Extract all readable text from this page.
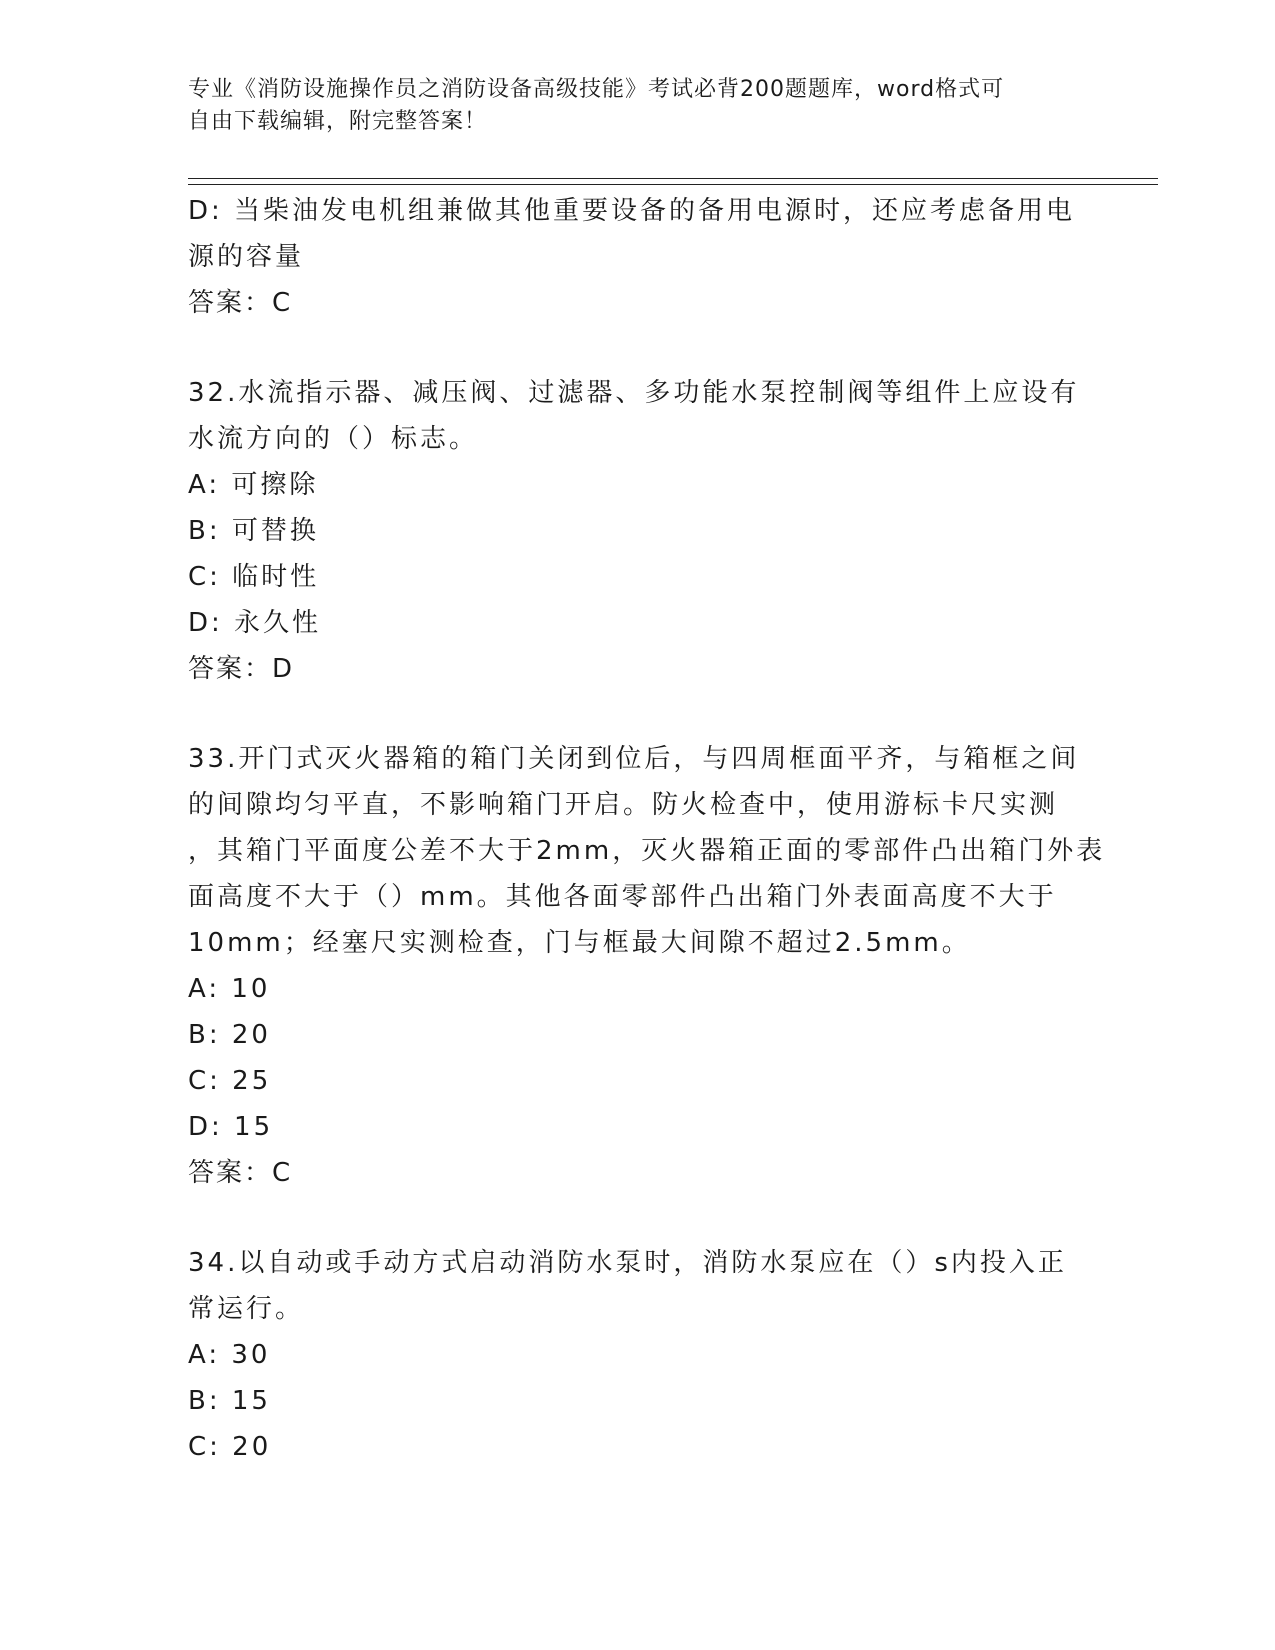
专业《消防设施操作员之消防设备高级技能》考试必背200题题库，word格式可
自由下载编辑，附完整答案！
D: 当柴油发电机组兼做其他重要设备的备用电源时，还应考虑备用电
源的容量
答案：C
32.水流指示器、减压阀、过滤器、多功能水泵控制阀等组件上应设有
水流方向的（）标志。
A: 可擦除
B: 可替换
C: 临时性
D: 永久性
答案：D
33.开门式灭火器箱的箱门关闭到位后，与四周框面平齐，与箱框之间
的间隙均匀平直，不影响箱门开启。防火检查中，使用游标卡尺实测
，其箱门平面度公差不大于2mm，灭火器箱正面的零部件凸出箱门外表
面高度不大于（）mm。其他各面零部件凸出箱门外表面高度不大于
10mm；经塞尺实测检查，门与框最大间隙不超过2.5mm。
A: 10
B: 20
C: 25
D: 15
答案：C
34.以自动或手动方式启动消防水泵时，消防水泵应在（）s内投入正
常运行。
A: 30
B: 15
C: 20
